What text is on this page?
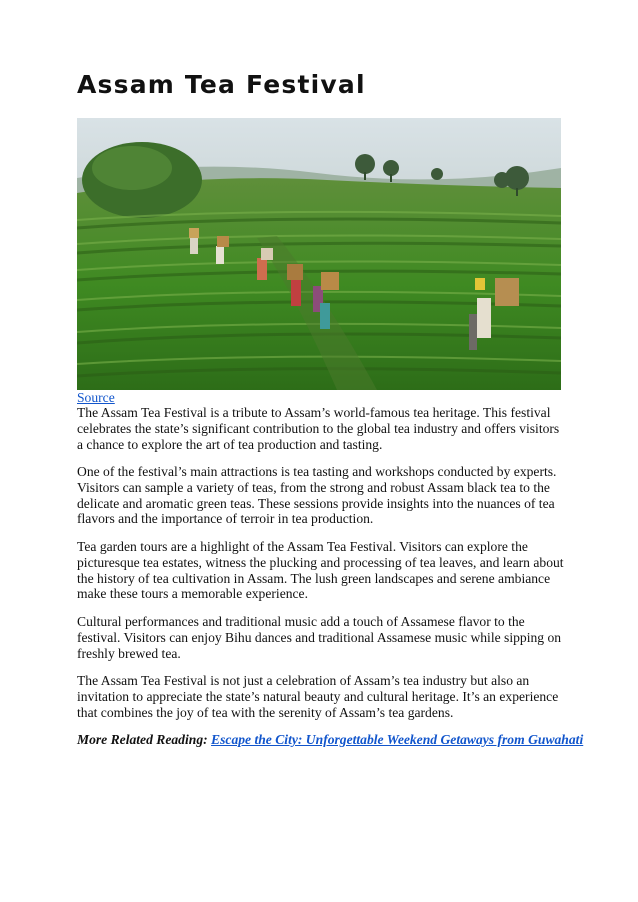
Assam Tea Festival
Source

The Assam Tea Festival is a tribute to Assam’s world-famous tea heritage. This festival celebrates the state’s significant contribution to the global tea industry and offers visitors a chance to explore the art of tea production and tasting.

One of the festival’s main attractions is tea tasting and workshops conducted by experts. Visitors can sample a variety of teas, from the strong and robust Assam black tea to the delicate and aromatic green teas. These sessions provide insights into the nuances of tea flavors and the importance of terroir in tea production.

Tea garden tours are a highlight of the Assam Tea Festival. Visitors can explore the picturesque tea estates, witness the plucking and processing of tea leaves, and learn about the history of tea cultivation in Assam. The lush green landscapes and serene ambiance make these tours a memorable experience.

Cultural performances and traditional music add a touch of Assamese flavor to the festival. Visitors can enjoy Bihu dances and traditional Assamese music while sipping on freshly brewed tea.

The Assam Tea Festival is not just a celebration of Assam’s tea industry but also an invitation to appreciate the state’s natural beauty and cultural heritage. It’s an experience that combines the joy of tea with the serenity of Assam’s tea gardens.

More Related Reading: Escape the City: Unforgettable Weekend Getaways from Guwahati
